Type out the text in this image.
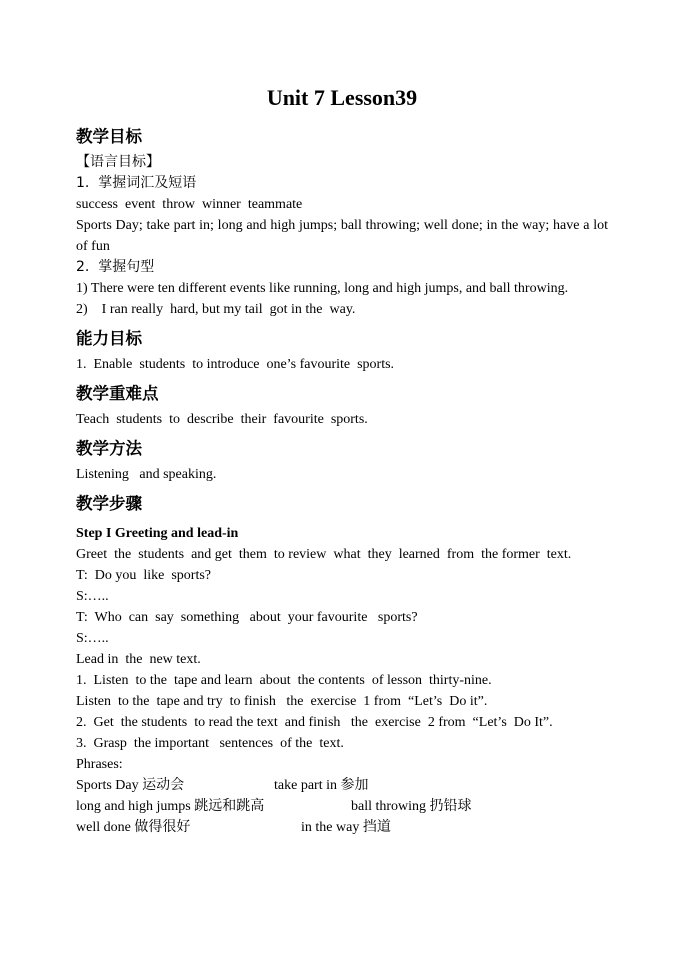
Unit 7 Lesson39
教学目标
【语言目标】
1.  掌握词汇及短语
success  event  throw  winner  teammate
Sports Day; take part in; long and high jumps; ball throwing; well done; in the way; have a lot of fun
2.  掌握句型
1) There were ten different events like running, long and high jumps, and ball throwing.
2)    I ran really  hard, but my tail  got in the  way.
能力目标
1.  Enable  students  to introduce  one’s favourite  sports.
教学重难点
Teach  students  to  describe  their  favourite  sports.
教学方法
Listening   and speaking.
教学步骤
Step I Greeting and lead-in
Greet  the  students  and get  them  to review  what  they  learned  from  the former  text.
T:  Do you  like  sports?
S:…..
T:  Who  can  say  something   about  your favourite   sports?
S:…..
Lead in  the  new text.
1.  Listen  to the  tape and learn  about  the contents  of lesson  thirty-nine.
Listen  to the  tape and try  to finish   the  exercise  1 from  “Let’s  Do it”.
2.  Get  the students  to read the text  and finish   the  exercise  2 from  “Let’s  Do It”.
3.  Grasp  the important   sentences  of the  text.
Phrases:
Sports Day 运动会	take part in 参加
long and high jumps 跳远和跳高	ball throwing 扔铅球
well done 做得很好	in the way 挡道
